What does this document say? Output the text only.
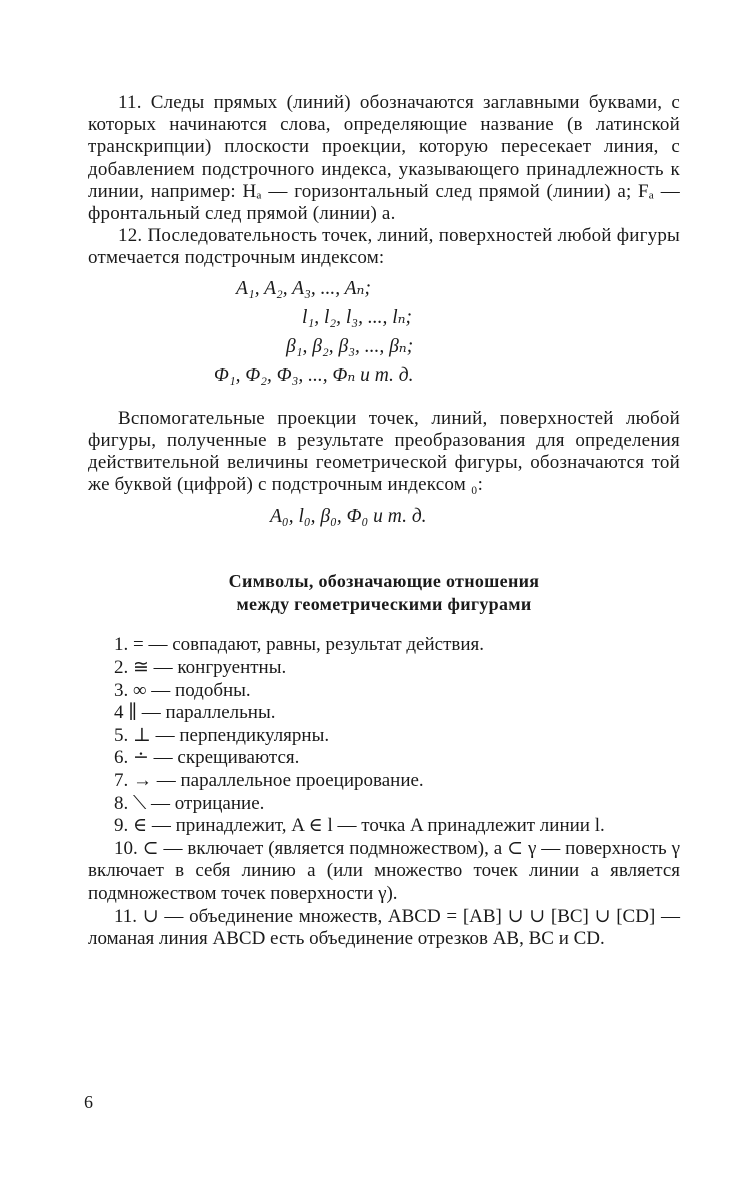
11. Следы прямых (линий) обозначаются заглавными буквами, с которых начинаются слова, определяющие название (в латинской транскрипции) плоскости проекции, которую пересекает линия, с добавлением подстрочного индекса, указывающего принадлежность к линии, например: Hₐ — горизонтальный след прямой (линии) a; Fₐ — фронтальный след прямой (линии) a.

12. Последовательность точек, линий, поверхностей любой фигуры отмечается подстрочным индексом:

A₁, A₂, A₃, ..., Aₙ;
l₁, l₂, l₃, ..., lₙ;
β₁, β₂, β₃, ..., βₙ;
Φ₁, Φ₂, Φ₃, ..., Φₙ и т. д.

Вспомогательные проекции точек, линий, поверхностей любой фигуры, полученные в результате преобразования для определения действительной величины геометрической фигуры, обозначаются той же буквой (цифрой) с подстрочным индексом ₀:

A₀, l₀, β₀, Φ₀ и т. д.
Символы, обозначающие отношения
между геометрическими фигурами
1. = — совпадают, равны, результат действия.
2. ≅ — конгруентны.
3. ∞ — подобны.
4 ∥ — параллельны.
5. ⊥ — перпендикулярны.
6. ∸ — скрещиваются.
7. → — параллельное проецирование.
8. ⟍ — отрицание.
9. ∈ — принадлежит, A ∈ l — точка A принадлежит линии l.
10. ⊂ — включает (является подмножеством), a ⊂ γ — поверхность γ включает в себя линию a (или множество точек линии a является подмножеством точек поверхности γ).
11. ∪ — объединение множеств, ABCD = [AB] ∪ ∪ [BC] ∪ [CD] — ломаная линия ABCD есть объединение отрезков AB, BC и CD.
6
